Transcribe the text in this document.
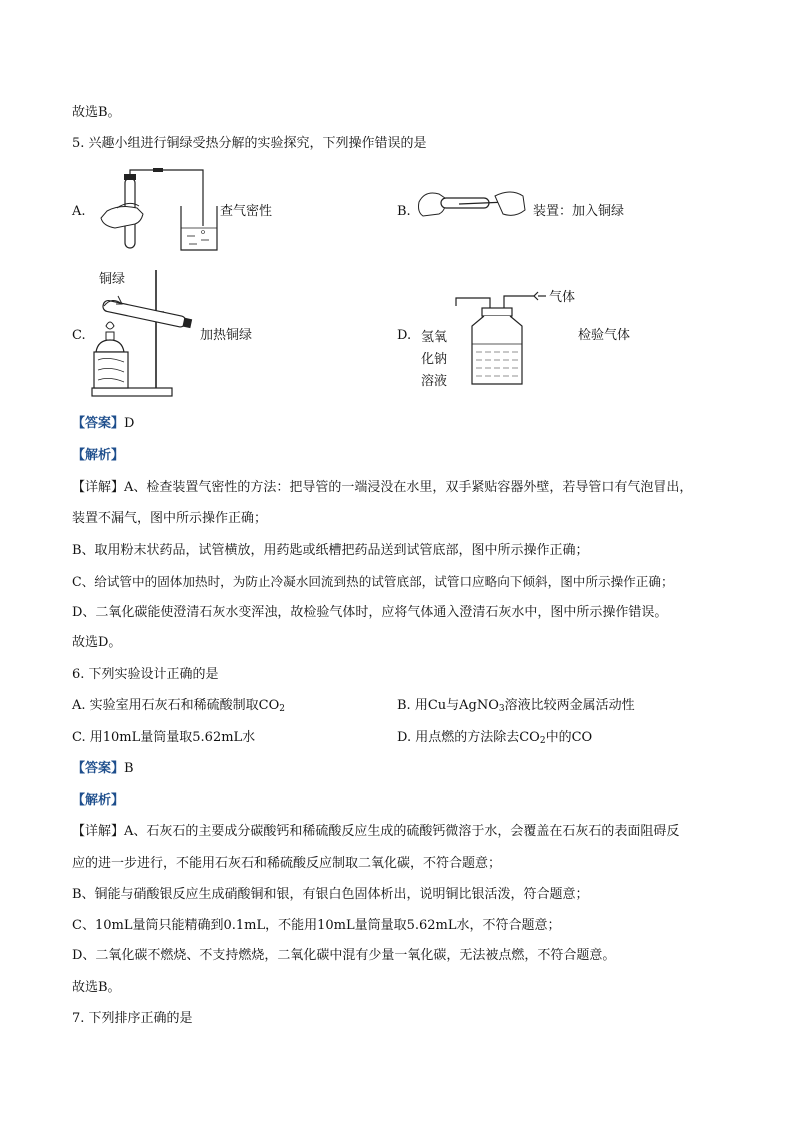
故选B。
5. 兴趣小组进行铜绿受热分解的实验探究，下列操作错误的是
A.	查气密性	B.	装置：加入铜绿
铜绿
C.	加热铜绿	D. 氢氧
化钠
溶液
气体
检验气体
【答案】D
【解析】
【详解】A、检查装置气密性的方法：把导管的一端浸没在水里，双手紧贴容器外壁，若导管口有气泡冒出，
装置不漏气，图中所示操作正确；
B、取用粉末状药品，试管横放，用药匙或纸槽把药品送到试管底部，图中所示操作正确；
C、给试管中的固体加热时，为防止冷凝水回流到热的试管底部，试管口应略向下倾斜，图中所示操作正确；
D、二氧化碳能使澄清石灰水变浑浊，故检验气体时，应将气体通入澄清石灰水中，图中所示操作错误。
故选D。
6. 下列实验设计正确的是
A. 实验室用石灰石和稀硫酸制取$CO_2$	B. 用Cu与AgNO$_3$溶液比较两金属活动性
C. 用10mL量筒量取5.62mL水	D. 用点燃的方法除去$CO_2$中的CO
【答案】B
【解析】
【详解】A、石灰石的主要成分碳酸钙和稀硫酸反应生成的硫酸钙微溶于水，会覆盖在石灰石的表面阻碍反
应的进一步进行，不能用石灰石和稀硫酸反应制取二氧化碳，不符合题意；
B、铜能与硝酸银反应生成硝酸铜和银，有银白色固体析出，说明铜比银活泼，符合题意；
C、10mL量筒只能精确到0.1mL，不能用10mL量筒量取5.62mL水，不符合题意；
D、二氧化碳不燃烧、不支持燃烧，二氧化碳中混有少量一氧化碳，无法被点燃，不符合题意。
故选B。
7. 下列排序正确的是
